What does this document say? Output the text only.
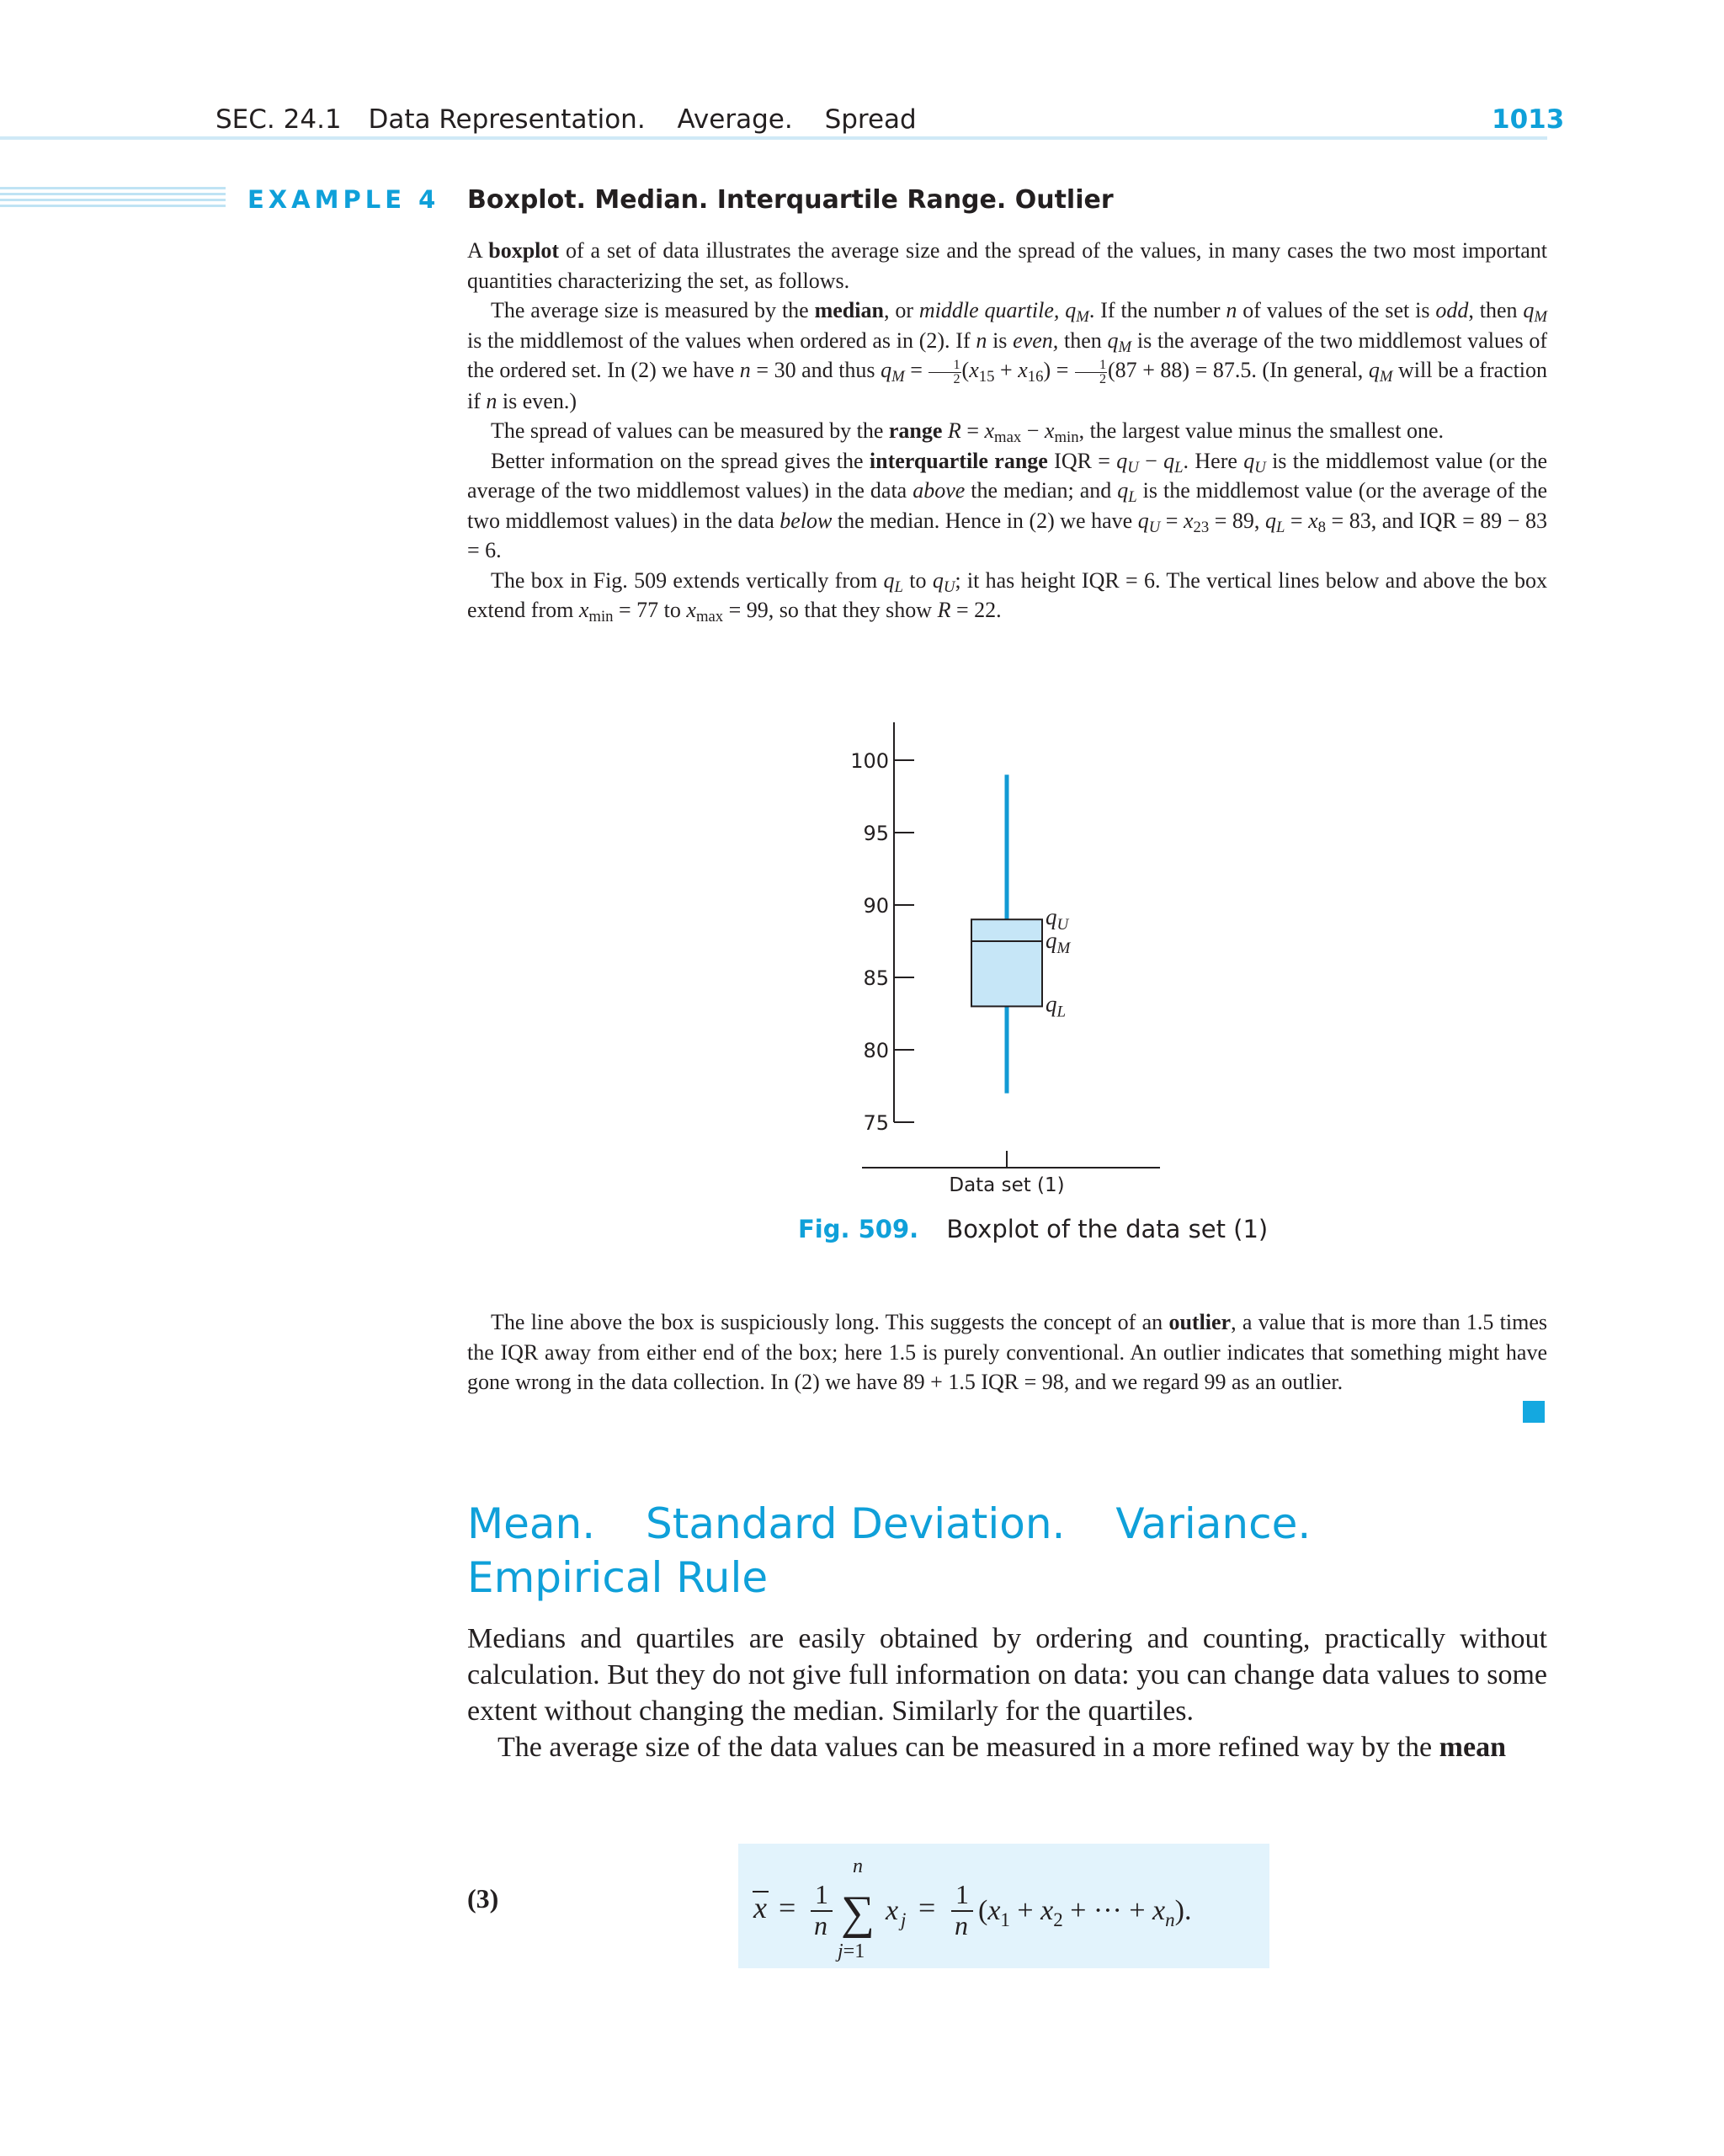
SEC. 24.1 Data Representation. Average. Spread	1013
EXAMPLE 4 Boxplot. Median. Interquartile Range. Outlier

A boxplot of a set of data illustrates the average size and the spread of the values, in many cases the two most important quantities characterizing the set, as follows.

The average size is measured by the median, or middle quartile, $q_M$. If the number n of values of the set is odd, then $q_M$ is the middlemost of the values when ordered as in (2). If n is even, then $q_M$ is the average of the two middlemost values of the ordered set. In (2) we have n = 30 and thus $q_M = \frac{1}{2} (x_{15} + x_{16}) = \frac{1}{2} (87 + 88) = 87.5$. (In general, $q_M$ will be a fraction if n is even.)

The spread of values can be measured by the range $R = x_{max} - x_{min}$, the largest value minus the smallest one.

Better information on the spread gives the interquartile range IQR = $q_U - q_L$. Here $q_U$ is the middlemost value (or the average of the two middlemost values) in the data above the median; and $q_L$ is the middlemost value (or the average of the two middlemost values) in the data below the median. Hence in (2) we have $q_U = x_{23} = 89$, $q_L = x_8 = 83$, and IQR = 89 − 83 = 6.

The box in Fig. 509 extends vertically from $q_L$ to $q_U$; it has height IQR = 6. The vertical lines below and above the box extend from $x_{min} = 77$ to $x_{max} = 99$, so that they show R = 22.

75
80
85
90
95
100
$q_U$
$q_M$
$q_L$
Data set (1)
Fig. 509. Boxplot of the data set (1)

The line above the box is suspiciously long. This suggests the concept of an outlier, a value that is more than 1.5 times the IQR away from either end of the box; here 1.5 is purely conventional. An outlier indicates that something might have gone wrong in the data collection. In (2) we have 89 + 1.5 IQR = 98, and we regard 99 as an outlier.

Mean. Standard Deviation. Variance.
Empirical Rule

Medians and quartiles are easily obtained by ordering and counting, practically without calculation. But they do not give full information on data: you can change data values to some extent without changing the median. Similarly for the quartiles.

The average size of the data values can be measured in a more refined way by the mean

(3)	x = 1
n
n
∑
j=1
x j = 1
n ($x_1 + x_2$ + ··· + $x_n$).
